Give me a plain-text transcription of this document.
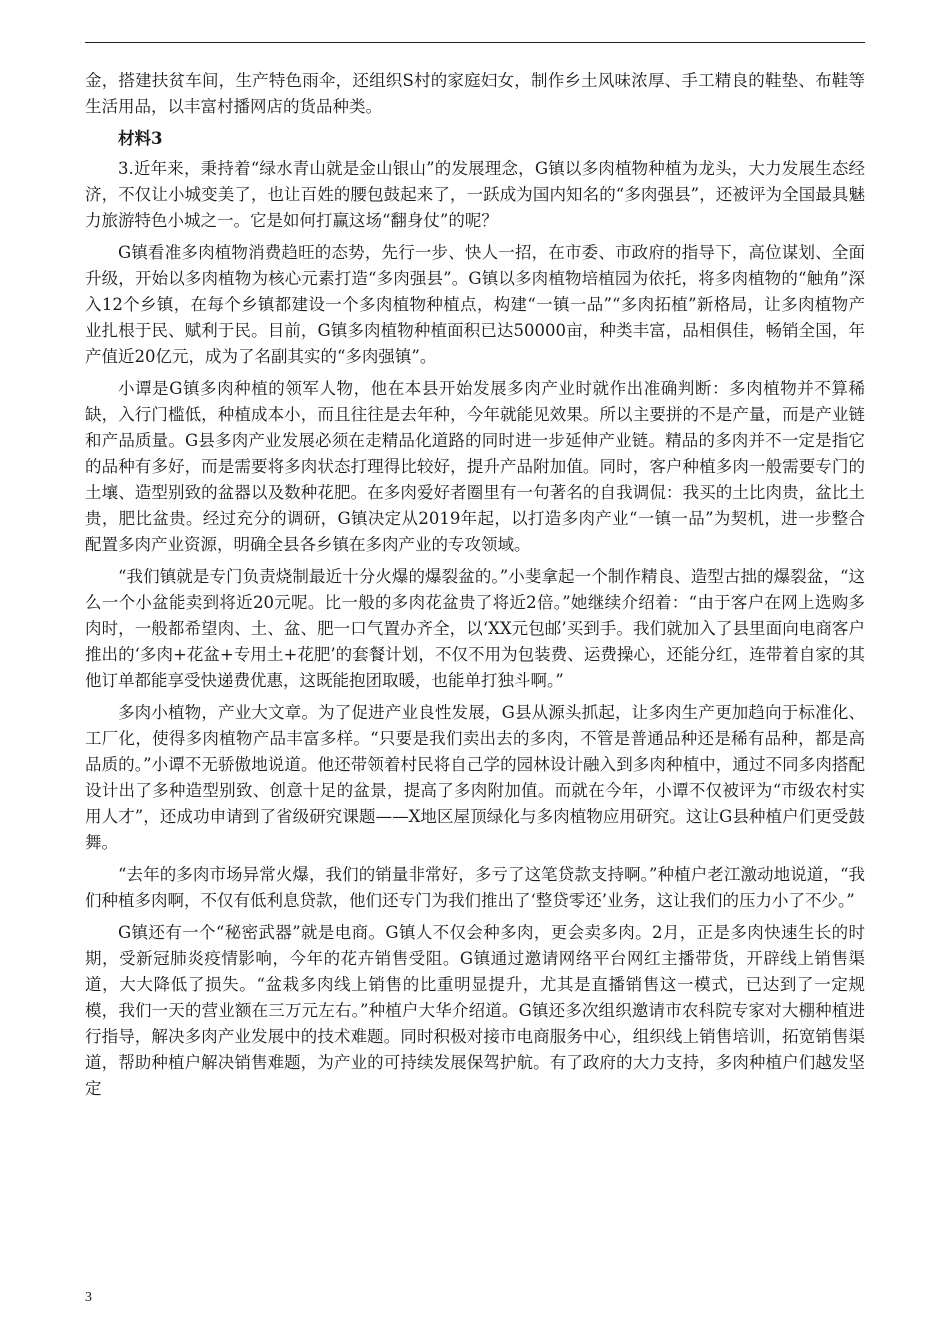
金，搭建扶贫车间，生产特色雨伞，还组织S村的家庭妇女，制作乡土风味浓厚、手工精良的鞋垫、布鞋等生活用品，以丰富村播网店的货品种类。

材料3

3.近年来，秉持着“绿水青山就是金山银山”的发展理念，G镇以多肉植物种植为龙头，大力发展生态经济，不仅让小城变美了，也让百姓的腰包鼓起来了，一跃成为国内知名的“多肉强县”，还被评为全国最具魅力旅游特色小城之一。它是如何打赢这场“翻身仗”的呢？

G镇看准多肉植物消费趋旺的态势，先行一步、快人一招，在市委、市政府的指导下，高位谋划、全面升级，开始以多肉植物为核心元素打造“多肉强县”。G镇以多肉植物培植园为依托，将多肉植物的“触角”深入12个乡镇，在每个乡镇都建设一个多肉植物种植点，构建“一镇一品”“多肉拓植”新格局，让多肉植物产业扎根于民、赋利于民。目前，G镇多肉植物种植面积已达50000亩，种类丰富，品相俱佳，畅销全国，年产值近20亿元，成为了名副其实的“多肉强镇”。

小谭是G镇多肉种植的领军人物，他在本县开始发展多肉产业时就作出准确判断：多肉植物并不算稀缺，入行门槛低，种植成本小，而且往往是去年种，今年就能见效果。所以主要拼的不是产量，而是产业链和产品质量。G县多肉产业发展必须在走精品化道路的同时进一步延伸产业链。精品的多肉并不一定是指它的品种有多好，而是需要将多肉状态打理得比较好，提升产品附加值。同时，客户种植多肉一般需要专门的土壤、造型别致的盆器以及数种花肥。在多肉爱好者圈里有一句著名的自我调侃：我买的土比肉贵，盆比土贵，肥比盆贵。经过充分的调研，G镇决定从2019年起，以打造多肉产业“一镇一品”为契机，进一步整合配置多肉产业资源，明确全县各乡镇在多肉产业的专攻领域。

“我们镇就是专门负责烧制最近十分火爆的爆裂盆的。”小斐拿起一个制作精良、造型古拙的爆裂盆，“这么一个小盆能卖到将近20元呢。比一般的多肉花盆贵了将近2倍。”她继续介绍着：“由于客户在网上选购多肉时，一般都希望肉、土、盆、肥一口气置办齐全，以‘XX元包邮’买到手。我们就加入了县里面向电商客户推出的‘多肉+花盆+专用土+花肥’的套餐计划，不仅不用为包装费、运费操心，还能分红，连带着自家的其他订单都能享受快递费优惠，这既能抱团取暖，也能单打独斗啊。”

多肉小植物，产业大文章。为了促进产业良性发展，G县从源头抓起，让多肉生产更加趋向于标准化、工厂化，使得多肉植物产品丰富多样。“只要是我们卖出去的多肉，不管是普通品种还是稀有品种，都是高品质的。”小谭不无骄傲地说道。他还带领着村民将自己学的园林设计融入到多肉种植中，通过不同多肉搭配设计出了多种造型别致、创意十足的盆景，提高了多肉附加值。而就在今年，小谭不仅被评为“市级农村实用人才”，还成功申请到了省级研究课题——X地区屋顶绿化与多肉植物应用研究。这让G县种植户们更受鼓舞。

“去年的多肉市场异常火爆，我们的销量非常好，多亏了这笔贷款支持啊。”种植户老江激动地说道，“我们种植多肉啊，不仅有低利息贷款，他们还专门为我们推出了‘整贷零还’业务，这让我们的压力小了不少。”

G镇还有一个“秘密武器”就是电商。G镇人不仅会种多肉，更会卖多肉。2月，正是多肉快速生长的时期，受新冠肺炎疫情影响，今年的花卉销售受阻。G镇通过邀请网络平台网红主播带货，开辟线上销售渠道，大大降低了损失。“盆栽多肉线上销售的比重明显提升，尤其是直播销售这一模式，已达到了一定规模，我们一天的营业额在三万元左右。”种植户大华介绍道。G镇还多次组织邀请市农科院专家对大棚种植进行指导，解决多肉产业发展中的技术难题。同时积极对接市电商服务中心，组织线上销售培训，拓宽销售渠道，帮助种植户解决销售难题，为产业的可持续发展保驾护航。有了政府的大力支持，多肉种植户们越发坚定

3
